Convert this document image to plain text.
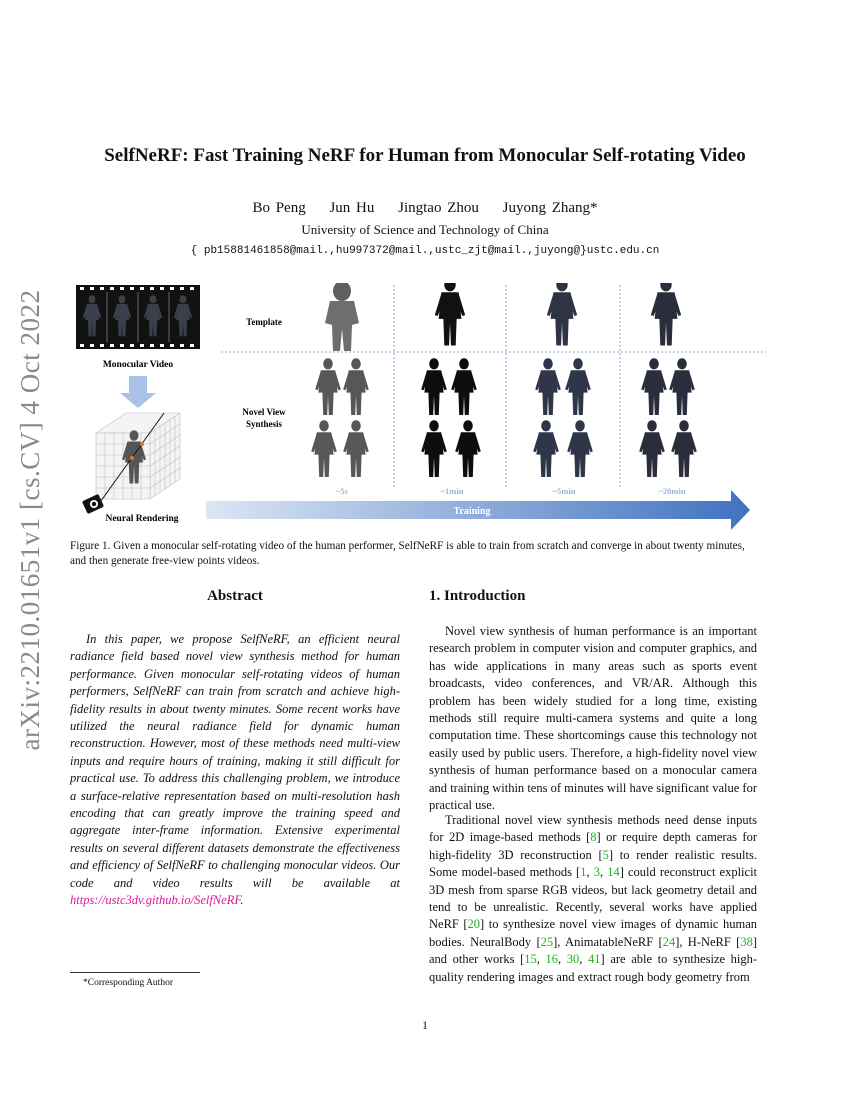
arXiv:2210.01651v1 [cs.CV] 4 Oct 2022
SelfNeRF: Fast Training NeRF for Human from Monocular Self-rotating Video
Bo Peng Jun Hu Jingtao Zhou Juyong Zhang*
University of Science and Technology of China
{ pb15881461858@mail.,hu997372@mail.,ustc_zjt@mail.,juyong@}ustc.edu.cn
Monocular Video
Neural Rendering
Template
Novel View
Synthesis
~5s	~1min	~5min	~20min
Training
Figure 1. Given a monocular self-rotating video of the human performer, SelfNeRF is able to train from scratch and converge in about twenty minutes, and then generate free-view points videos.
Abstract
In this paper, we propose SelfNeRF, an efficient neural radiance field based novel view synthesis method for human performance. Given monocular self-rotating videos of human performers, SelfNeRF can train from scratch and achieve high-fidelity results in about twenty minutes. Some recent works have utilized the neural radiance field for dynamic human reconstruction. However, most of these methods need multi-view inputs and require hours of training, making it still difficult for practical use. To address this challenging problem, we introduce a surface-relative representation based on multi-resolution hash encoding that can greatly improve the training speed and aggregate inter-frame information. Extensive experimental results on several different datasets demonstrate the effectiveness and efficiency of SelfNeRF to challenging monocular videos. Our code and video results will be available at https://ustc3dv.github.io/SelfNeRF.
1. Introduction
Novel view synthesis of human performance is an important research problem in computer vision and computer graphics, and has wide applications in many areas such as sports event broadcasts, video conferences, and VR/AR. Although this problem has been widely studied for a long time, existing methods still require multi-camera systems and quite a long computation time. These shortcomings cause this technology not easily used by public users. Therefore, a high-fidelity novel view synthesis of human performance based on a monocular camera and training within tens of minutes will have significant value for practical use.
Traditional novel view synthesis methods need dense inputs for 2D image-based methods [8] or require depth cameras for high-fidelity 3D reconstruction [5] to render realistic results. Some model-based methods [1, 3, 14] could reconstruct explicit 3D mesh from sparse RGB videos, but lack geometry detail and tend to be unrealistic. Recently, several works have applied NeRF [20] to synthesize novel view images of dynamic human bodies. NeuralBody [25], AnimatableNeRF [24], H-NeRF [38] and other works [15, 16, 30, 41] are able to synthesize high-quality rendering images and extract rough body geometry from
*Corresponding Author
1
